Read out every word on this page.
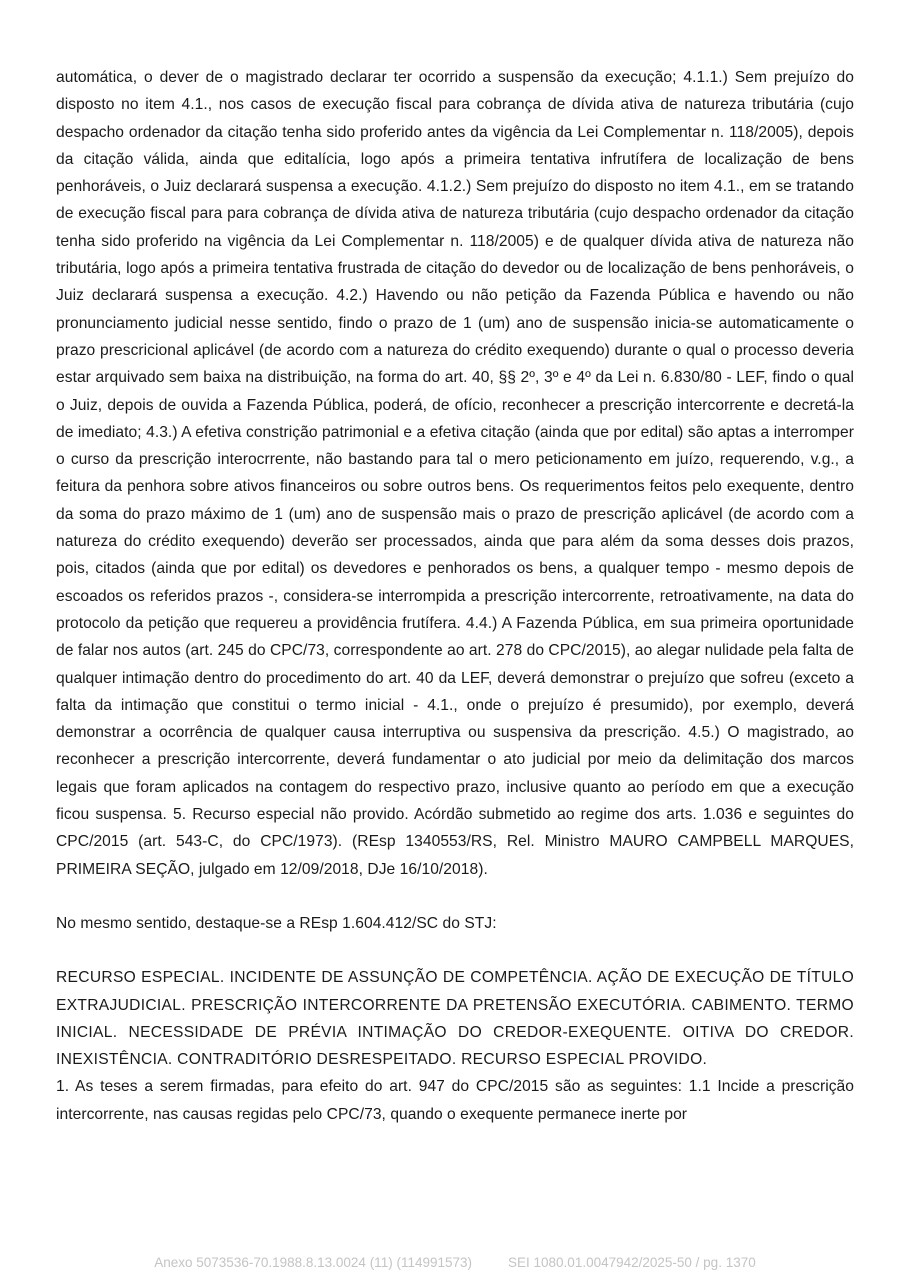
automática, o dever de o magistrado declarar ter ocorrido a suspensão da execução; 4.1.1.) Sem prejuízo do disposto no item 4.1., nos casos de execução fiscal para cobrança de dívida ativa de natureza tributária (cujo despacho ordenador da citação tenha sido proferido antes da vigência da Lei Complementar n. 118/2005), depois da citação válida, ainda que editalícia, logo após a primeira tentativa infrutífera de localização de bens penhoráveis, o Juiz declarará suspensa a execução. 4.1.2.) Sem prejuízo do disposto no item 4.1., em se tratando de execução fiscal para para cobrança de dívida ativa de natureza tributária (cujo despacho ordenador da citação tenha sido proferido na vigência da Lei Complementar n. 118/2005) e de qualquer dívida ativa de natureza não tributária, logo após a primeira tentativa frustrada de citação do devedor ou de localização de bens penhoráveis, o Juiz declarará suspensa a execução. 4.2.) Havendo ou não petição da Fazenda Pública e havendo ou não pronunciamento judicial nesse sentido, findo o prazo de 1 (um) ano de suspensão inicia-se automaticamente o prazo prescricional aplicável (de acordo com a natureza do crédito exequendo) durante o qual o processo deveria estar arquivado sem baixa na distribuição, na forma do art. 40, §§ 2º, 3º e 4º da Lei n. 6.830/80 - LEF, findo o qual o Juiz, depois de ouvida a Fazenda Pública, poderá, de ofício, reconhecer a prescrição intercorrente e decretá-la de imediato; 4.3.) A efetiva constrição patrimonial e a efetiva citação (ainda que por edital) são aptas a interromper o curso da prescrição interocrrente, não bastando para tal o mero peticionamento em juízo, requerendo, v.g., a feitura da penhora sobre ativos financeiros ou sobre outros bens. Os requerimentos feitos pelo exequente, dentro da soma do prazo máximo de 1 (um) ano de suspensão mais o prazo de prescrição aplicável (de acordo com a natureza do crédito exequendo) deverão ser processados, ainda que para além da soma desses dois prazos, pois, citados (ainda que por edital) os devedores e penhorados os bens, a qualquer tempo - mesmo depois de escoados os referidos prazos -, considera-se interrompida a prescrição intercorrente, retroativamente, na data do protocolo da petição que requereu a providência frutífera. 4.4.) A Fazenda Pública, em sua primeira oportunidade de falar nos autos (art. 245 do CPC/73, correspondente ao art. 278 do CPC/2015), ao alegar nulidade pela falta de qualquer intimação dentro do procedimento do art. 40 da LEF, deverá demonstrar o prejuízo que sofreu (exceto a falta da intimação que constitui o termo inicial - 4.1., onde o prejuízo é presumido), por exemplo, deverá demonstrar a ocorrência de qualquer causa interruptiva ou suspensiva da prescrição. 4.5.) O magistrado, ao reconhecer a prescrição intercorrente, deverá fundamentar o ato judicial por meio da delimitação dos marcos legais que foram aplicados na contagem do respectivo prazo, inclusive quanto ao período em que a execução ficou suspensa. 5. Recurso especial não provido. Acórdão submetido ao regime dos arts. 1.036 e seguintes do CPC/2015 (art. 543-C, do CPC/1973). (REsp 1340553/RS, Rel. Ministro MAURO CAMPBELL MARQUES, PRIMEIRA SEÇÃO, julgado em 12/09/2018, DJe 16/10/2018).

No mesmo sentido, destaque-se a REsp 1.604.412/SC do STJ:

RECURSO ESPECIAL. INCIDENTE DE ASSUNÇÃO DE COMPETÊNCIA. AÇÃO DE EXECUÇÃO DE TÍTULO EXTRAJUDICIAL. PRESCRIÇÃO INTERCORRENTE DA PRETENSÃO EXECUTÓRIA. CABIMENTO. TERMO INICIAL. NECESSIDADE DE PRÉVIA INTIMAÇÃO DO CREDOR-EXEQUENTE. OITIVA DO CREDOR. INEXISTÊNCIA. CONTRADITÓRIO DESRESPEITADO. RECURSO ESPECIAL PROVIDO.

1. As teses a serem firmadas, para efeito do art. 947 do CPC/2015 são as seguintes: 1.1 Incide a prescrição intercorrente, nas causas regidas pelo CPC/73, quando o exequente permanece inerte por

Anexo 5073536-70.1988.8.13.0024 (11) (114991573)	SEI 1080.01.0047942/2025-50 / pg. 1370
